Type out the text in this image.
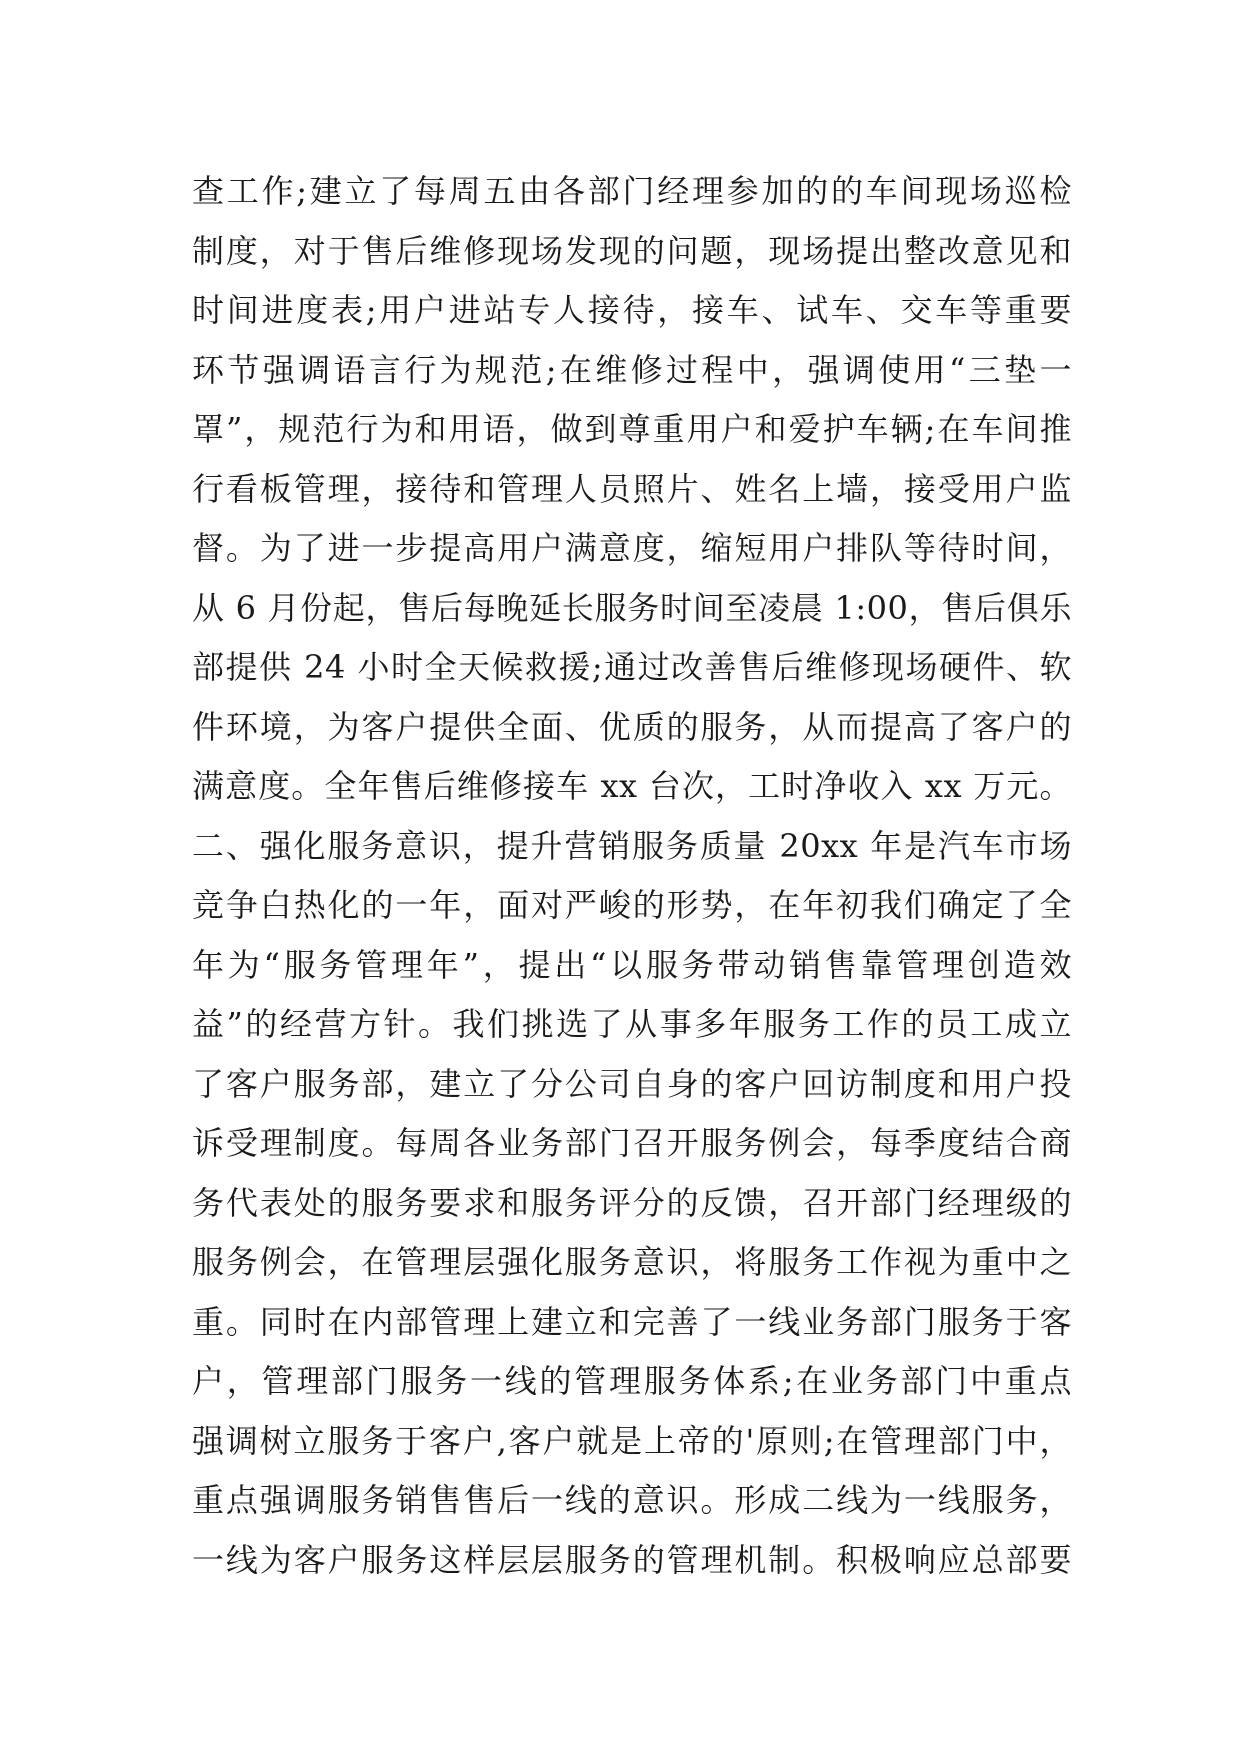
查工作;建立了每周五由各部门经理参加的的车间现场巡检
制度，对于售后维修现场发现的问题，现场提出整改意见和
时间进度表;用户进站专人接待，接车、试车、交车等重要
环节强调语言行为规范;在维修过程中，强调使用“三垫一
罩”，规范行为和用语，做到尊重用户和爱护车辆;在车间推
行看板管理，接待和管理人员照片、姓名上墙，接受用户监
督。为了进一步提高用户满意度，缩短用户排队等待时间，
从 6 月份起，售后每晚延长服务时间至凌晨 1:00，售后俱乐
部提供 24 小时全天候救援;通过改善售后维修现场硬件、软
件环境，为客户提供全面、优质的服务，从而提高了客户的
满意度。全年售后维修接车 xx 台次，工时净收入 xx 万元。
二、强化服务意识，提升营销服务质量 20xx 年是汽车市场
竞争白热化的一年，面对严峻的形势，在年初我们确定了全
年为“服务管理年”，提出“以服务带动销售靠管理创造效
益”的经营方针。我们挑选了从事多年服务工作的员工成立
了客户服务部，建立了分公司自身的客户回访制度和用户投
诉受理制度。每周各业务部门召开服务例会，每季度结合商
务代表处的服务要求和服务评分的反馈，召开部门经理级的
服务例会，在管理层强化服务意识，将服务工作视为重中之
重。同时在内部管理上建立和完善了一线业务部门服务于客
户，管理部门服务一线的管理服务体系;在业务部门中重点
强调树立服务于客户,客户就是上帝的'原则;在管理部门中，
重点强调服务销售售后一线的意识。形成二线为一线服务，
一线为客户服务这样层层服务的管理机制。积极响应总部要
